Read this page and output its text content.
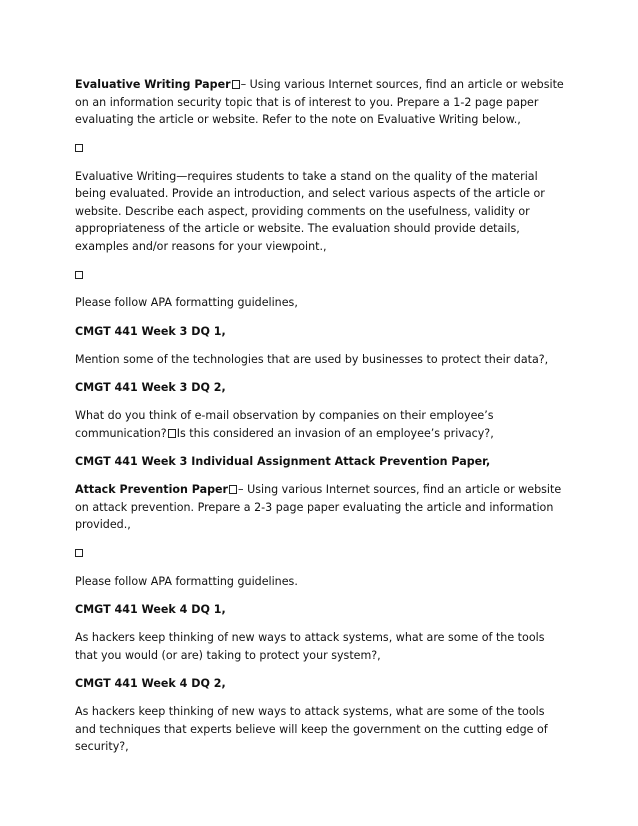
Evaluative Writing Paper – Using various Internet sources, find an article or website
on an information security topic that is of interest to you. Prepare a 1-2 page paper
evaluating the article or website. Refer to the note on Evaluative Writing below.,
Evaluative Writing—requires students to take a stand on the quality of the material
being evaluated. Provide an introduction, and select various aspects of the article or
website. Describe each aspect, providing comments on the usefulness, validity or
appropriateness of the article or website. The evaluation should provide details,
examples and/or reasons for your viewpoint.,
Please follow APA formatting guidelines,
CMGT 441 Week 3 DQ 1,
Mention some of the technologies that are used by businesses to protect their data?,
CMGT 441 Week 3 DQ 2,
What do you think of e-mail observation by companies on their employee’s
communication? Is this considered an invasion of an employee’s privacy?,
CMGT 441 Week 3 Individual Assignment Attack Prevention Paper,
Attack Prevention Paper – Using various Internet sources, find an article or website
on attack prevention. Prepare a 2-3 page paper evaluating the article and information
provided.,
Please follow APA formatting guidelines.
CMGT 441 Week 4 DQ 1,
As hackers keep thinking of new ways to attack systems, what are some of the tools
that you would (or are) taking to protect your system?,
CMGT 441 Week 4 DQ 2,
As hackers keep thinking of new ways to attack systems, what are some of the tools
and techniques that experts believe will keep the government on the cutting edge of
security?,
